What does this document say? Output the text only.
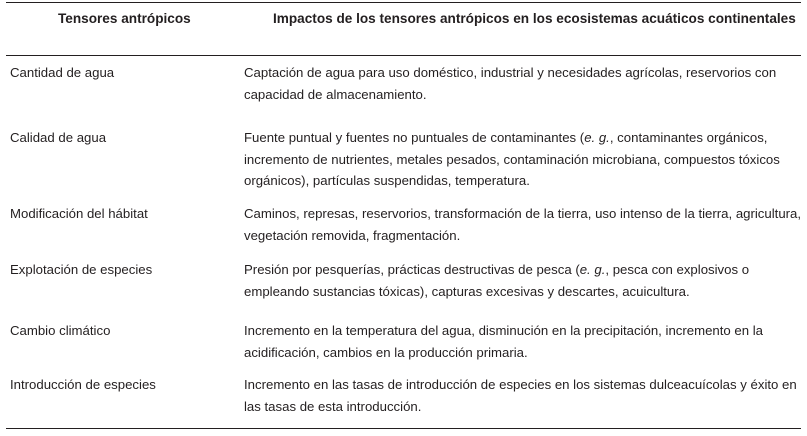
Tensores antrópicos	Impactos de los tensores antrópicos en los ecosistemas acuáticos continentales
Cantidad de agua	Captación de agua para uso doméstico, industrial y necesidades agrícolas, reservorios con
capacidad de almacenamiento.
Calidad de agua	Fuente puntual y fuentes no puntuales de contaminantes (e. g., contaminantes orgánicos,
incremento de nutrientes, metales pesados, contaminación microbiana, compuestos tóxicos
orgánicos), partículas suspendidas, temperatura.
Modificación del hábitat	Caminos, represas, reservorios, transformación de la tierra, uso intenso de la tierra, agricultura,
vegetación removida, fragmentación.
Explotación de especies	Presión por pesquerías, prácticas destructivas de pesca (e. g., pesca con explosivos o
empleando sustancias tóxicas), capturas excesivas y descartes, acuicultura.
Cambio climático	Incremento en la temperatura del agua, disminución en la precipitación, incremento en la
acidificación, cambios en la producción primaria.
Introducción de especies	Incremento en las tasas de introducción de especies en los sistemas dulceacuícolas y éxito en
las tasas de esta introducción.
